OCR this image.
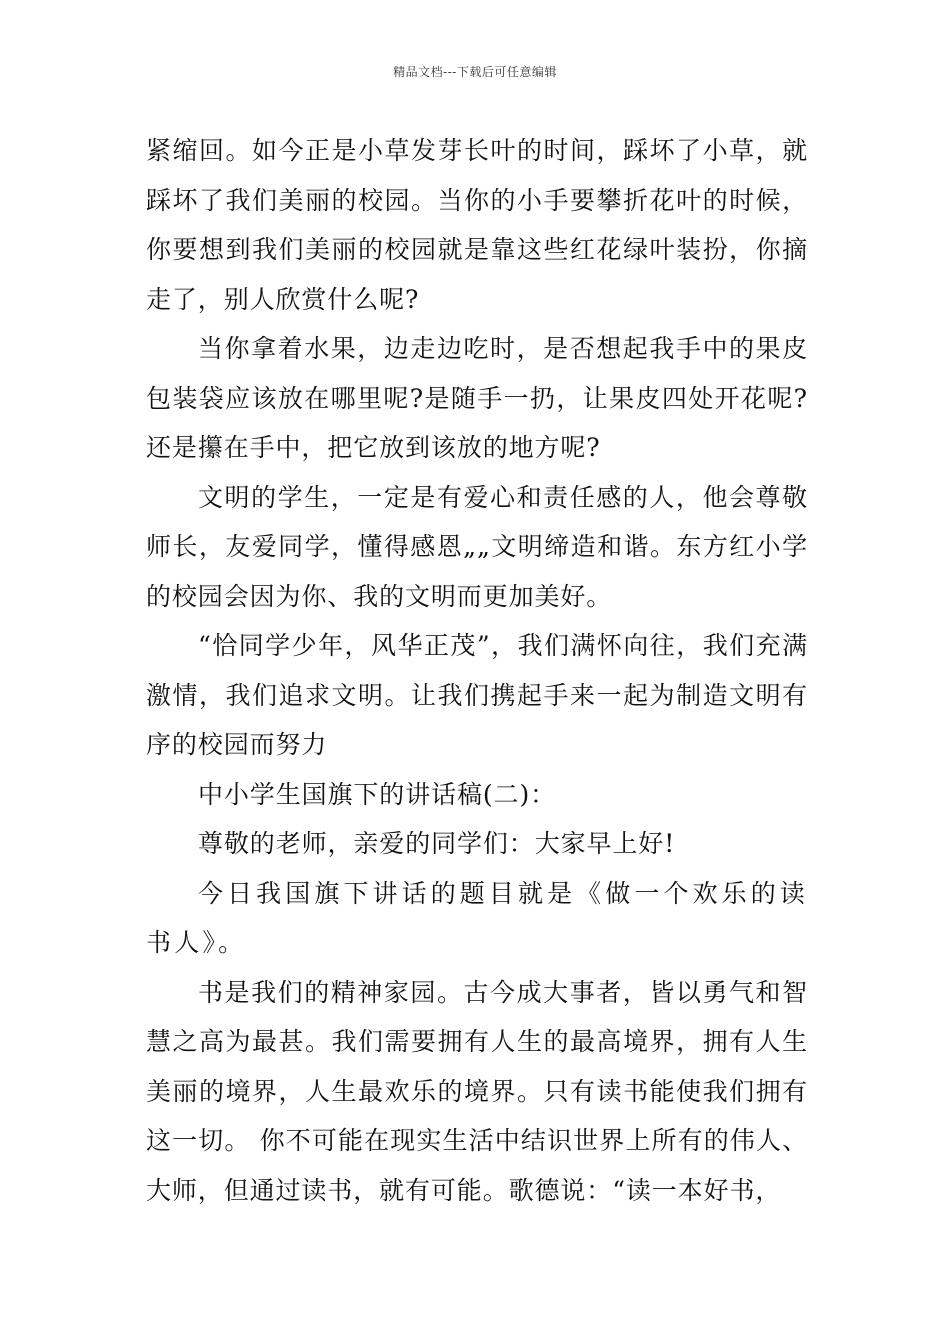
精品文档---下载后可任意编辑

紧缩回。如今正是小草发芽长叶的时间，踩坏了小草，就踩坏了我们美丽的校园。当你的小手要攀折花叶的时候，你要想到我们美丽的校园就是靠这些红花绿叶装扮，你摘走了，别人欣赏什么呢?

当你拿着水果，边走边吃时，是否想起我手中的果皮包装袋应该放在哪里呢?是随手一扔，让果皮四处开花呢?还是攥在手中，把它放到该放的地方呢?

文明的学生，一定是有爱心和责任感的人，他会尊敬师长，友爱同学，懂得感恩„„文明缔造和谐。东方红小学的校园会因为你、我的文明而更加美好。

“恰同学少年，风华正茂”，我们满怀向往，我们充满激情，我们追求文明。让我们携起手来一起为制造文明有序的校园而努力

中小学生国旗下的讲话稿(二)：

尊敬的老师，亲爱的同学们：大家早上好!

今日我国旗下讲话的题目就是《做一个欢乐的读书人》。

书是我们的精神家园。古今成大事者，皆以勇气和智慧之高为最甚。我们需要拥有人生的最高境界，拥有人生美丽的境界，人生最欢乐的境界。只有读书能使我们拥有这一切。 你不可能在现实生活中结识世界上所有的伟人、大师，但通过读书，就有可能。歌德说：“读一本好书，
